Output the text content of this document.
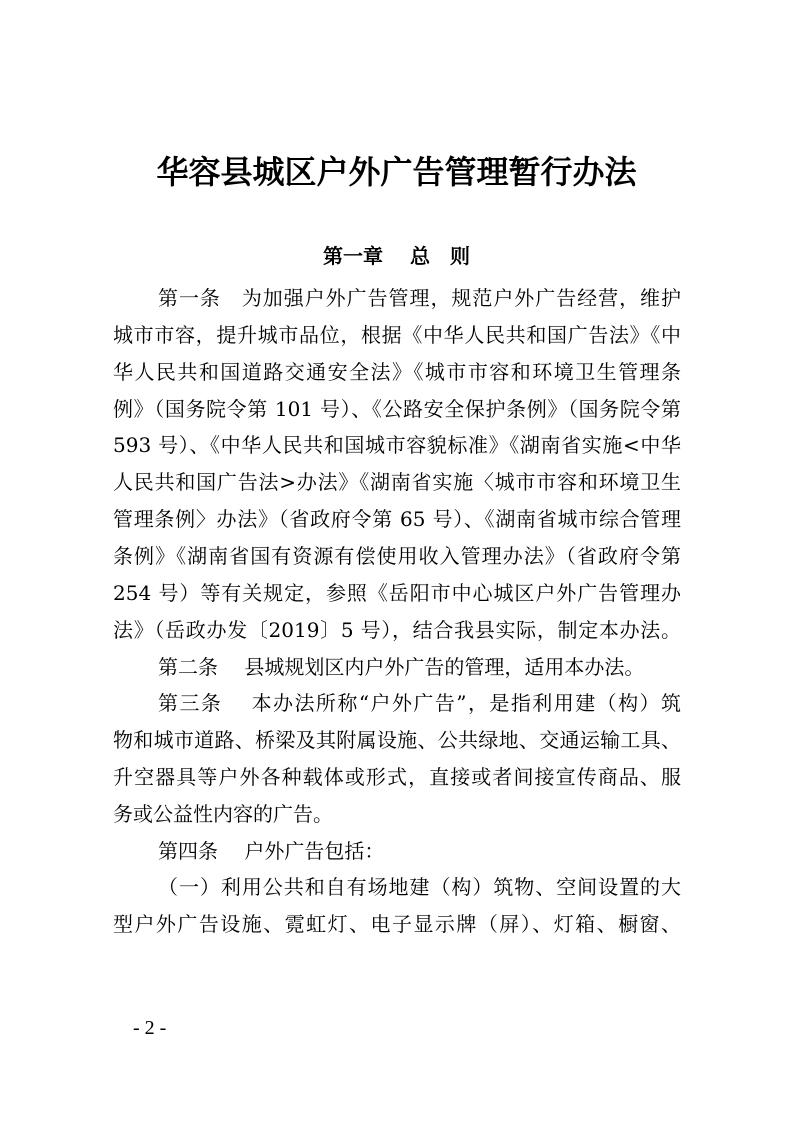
华容县城区户外广告管理暂行办法
第一章　 总　则
第一条　为加强户外广告管理，规范户外广告经营，维护
城市市容，提升城市品位，根据《中华人民共和国广告法》《中
华人民共和国道路交通安全法》《城市市容和环境卫生管理条
例》（国务院令第 101 号）、《公路安全保护条例》（国务院令第
593 号）、《中华人民共和国城市容貌标准》《湖南省实施<中华
人民共和国广告法>办法》《湖南省实施〈城市市容和环境卫生
管理条例〉办法》（省政府令第 65 号）、《湖南省城市综合管理
条例》《湖南省国有资源有偿使用收入管理办法》（省政府令第
254 号）等有关规定，参照《岳阳市中心城区户外广告管理办
法》（岳政办发〔2019〕5 号），结合我县实际，制定本办法。
第二条　 县城规划区内户外广告的管理，适用本办法。
第三条　 本办法所称“户外广告”，是指利用建（构）筑
物和城市道路、桥梁及其附属设施、公共绿地、交通运输工具、
升空器具等户外各种载体或形式，直接或者间接宣传商品、服
务或公益性内容的广告。
第四条　 户外广告包括：
（一）利用公共和自有场地建（构）筑物、空间设置的大
型户外广告设施、霓虹灯、电子显示牌（屏）、灯箱、橱窗、
- 2 -
